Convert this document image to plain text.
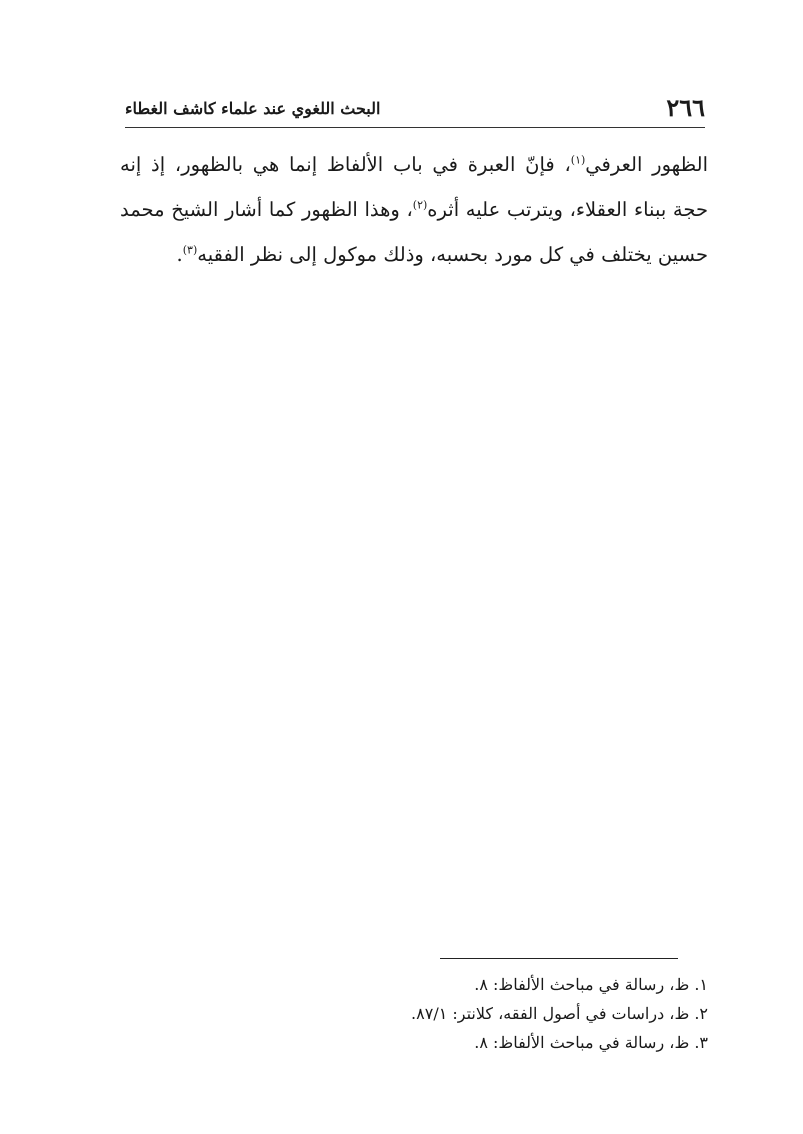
٢٦٦
البحث اللغوي عند علماء كاشف الغطاء

الظهور العرفي$^{(١)}$، فإنّ العبرة في باب الألفاظ إنما هي بالظهور، إذ إنه حجة ببناء العقلاء، ويترتب عليه أثره$^{(٢)}$، وهذا الظهور كما أشار الشيخ محمد حسين يختلف في كل مورد بحسبه، وذلك موكول إلى نظر الفقيه$^{(٣)}$.

١. ظ، رسالة في مباحث الألفاظ: ٨.
٢. ظ، دراسات في أصول الفقه، كلانتر: ٨٧/١.
٣. ظ، رسالة في مباحث الألفاظ: ٨.
